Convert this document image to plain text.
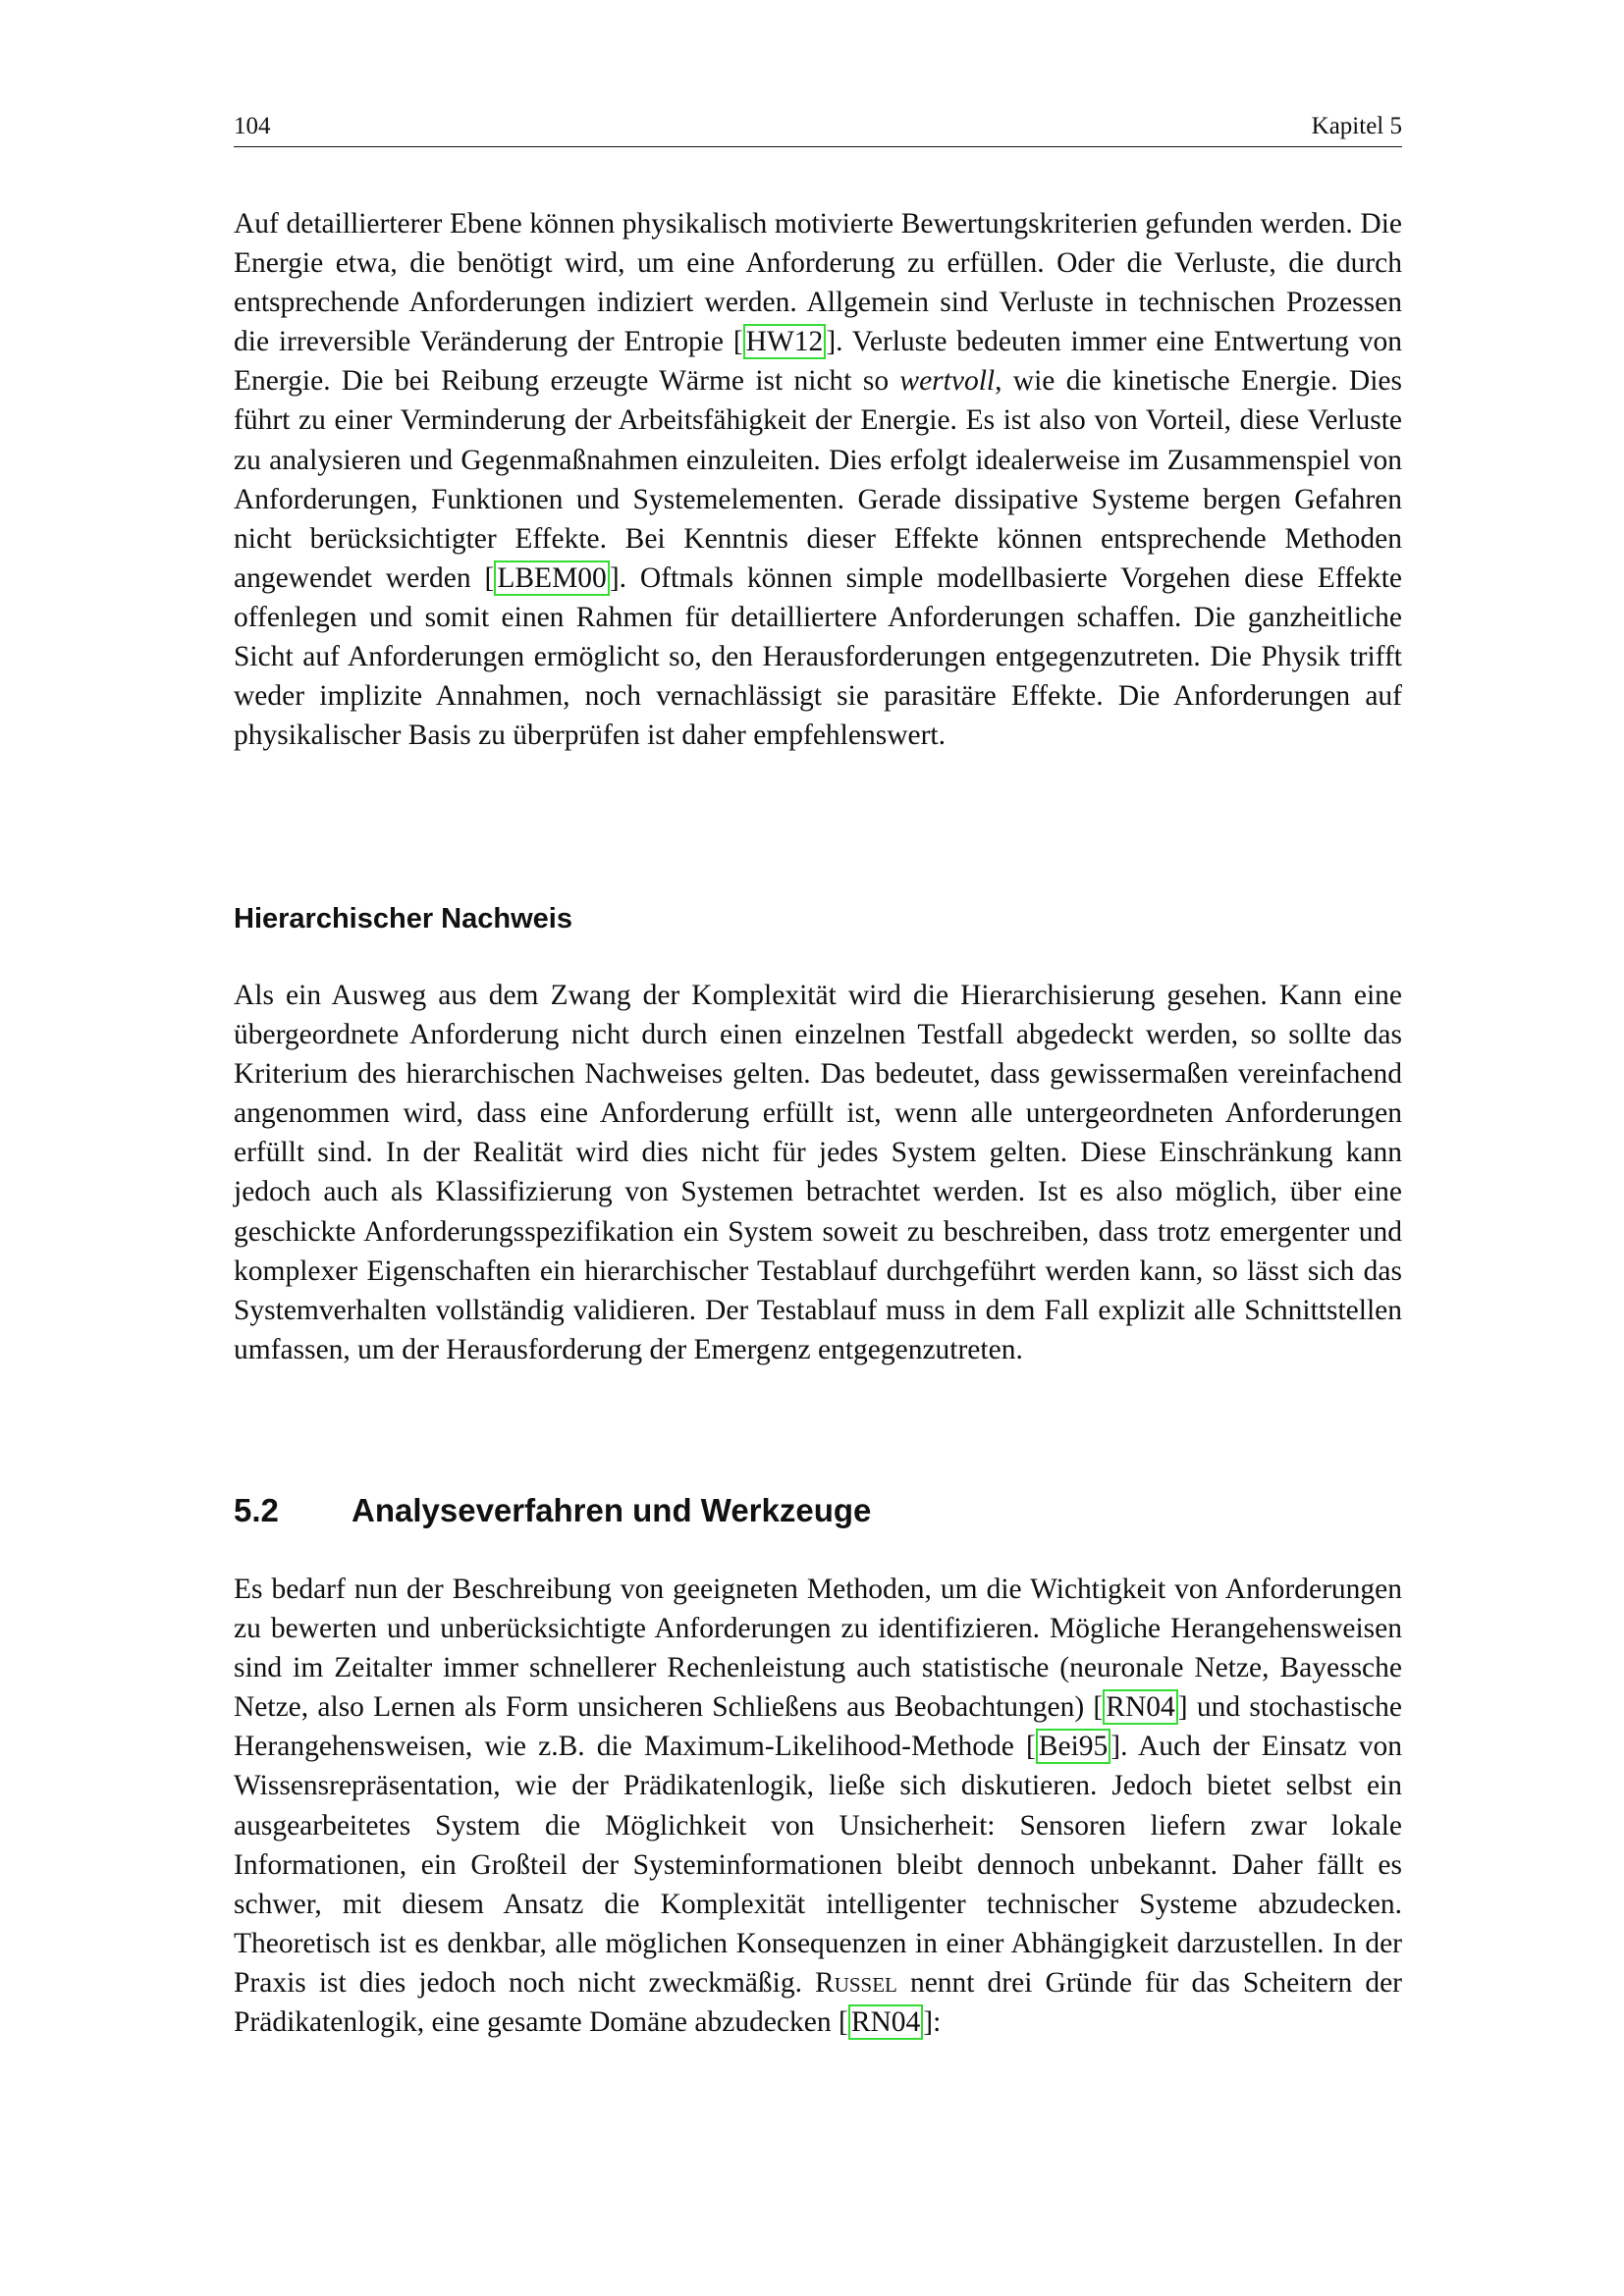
104	Kapitel 5

Auf detaillierterer Ebene können physikalisch motivierte Bewertungskriterien gefunden werden. Die Energie etwa, die benötigt wird, um eine Anforderung zu erfüllen. Oder die Verluste, die durch entsprechende Anforderungen indiziert werden. Allgemein sind Verluste in technischen Prozessen die irreversible Veränderung der Entropie [ HW12 ]. Verluste bedeuten immer eine Entwertung von Energie. Die bei Reibung erzeugte Wärme ist nicht so wertvoll, wie die kinetische Energie. Dies führt zu einer Verminderung der Arbeitsfähigkeit der Energie. Es ist also von Vorteil, diese Verluste zu analysieren und Gegenmaßnahmen einzuleiten. Dies erfolgt idealerweise im Zusammenspiel von Anforderungen, Funktionen und Systemelementen. Gerade dissipative Systeme bergen Gefahren nicht berücksichtigter Effekte. Bei Kenntnis dieser Effekte können entsprechende Methoden angewendet werden [ LBEM00 ]. Oftmals können simple modellbasierte Vorgehen diese Effekte offenlegen und somit einen Rahmen für detailliertere Anforderungen schaffen. Die ganzheitliche Sicht auf Anforderungen ermöglicht so, den Herausforderungen entgegenzutreten. Die Physik trifft weder implizite Annahmen, noch vernachlässigt sie parasitäre Effekte. Die Anforderungen auf physikalischer Basis zu überprüfen ist daher empfehlenswert.

Hierarchischer Nachweis

Als ein Ausweg aus dem Zwang der Komplexität wird die Hierarchisierung gesehen. Kann eine übergeordnete Anforderung nicht durch einen einzelnen Testfall abgedeckt werden, so sollte das Kriterium des hierarchischen Nachweises gelten. Das bedeutet, dass gewissermaßen vereinfachend angenommen wird, dass eine Anforderung erfüllt ist, wenn alle untergeordneten Anforderungen erfüllt sind. In der Realität wird dies nicht für jedes System gelten. Diese Einschränkung kann jedoch auch als Klassifizierung von Systemen betrachtet werden. Ist es also möglich, über eine geschickte Anforderungsspezifikation ein System soweit zu beschreiben, dass trotz emergenter und komplexer Eigenschaften ein hierarchischer Testablauf durchgeführt werden kann, so lässt sich das Systemverhalten vollständig validieren. Der Testablauf muss in dem Fall explizit alle Schnittstellen umfassen, um der Herausforderung der Emergenz entgegenzutreten.

5.2	Analyseverfahren und Werkzeuge

Es bedarf nun der Beschreibung von geeigneten Methoden, um die Wichtigkeit von Anforderungen zu bewerten und unberücksichtigte Anforderungen zu identifizieren. Mögliche Herangehensweisen sind im Zeitalter immer schnellerer Rechenleistung auch statistische (neuronale Netze, Bayessche Netze, also Lernen als Form unsicheren Schließens aus Beobachtungen) [ RN04 ] und stochastische Herangehensweisen, wie z.B. die Maximum-Likelihood-Methode [ Bei95 ]. Auch der Einsatz von Wissensrepräsentation, wie der Prädikatenlogik, ließe sich diskutieren. Jedoch bietet selbst ein ausgearbeitetes System die Möglichkeit von Unsicherheit: Sensoren liefern zwar lokale Informationen, ein Großteil der Systeminformationen bleibt dennoch unbekannt. Daher fällt es schwer, mit diesem Ansatz die Komplexität intelligenter technischer Systeme abzudecken. Theoretisch ist es denkbar, alle möglichen Konsequenzen in einer Abhängigkeit darzustellen. In der Praxis ist dies jedoch noch nicht zweckmäßig. Russel nennt drei Gründe für das Scheitern der Prädikatenlogik, eine gesamte Domäne abzudecken [ RN04 ]:
